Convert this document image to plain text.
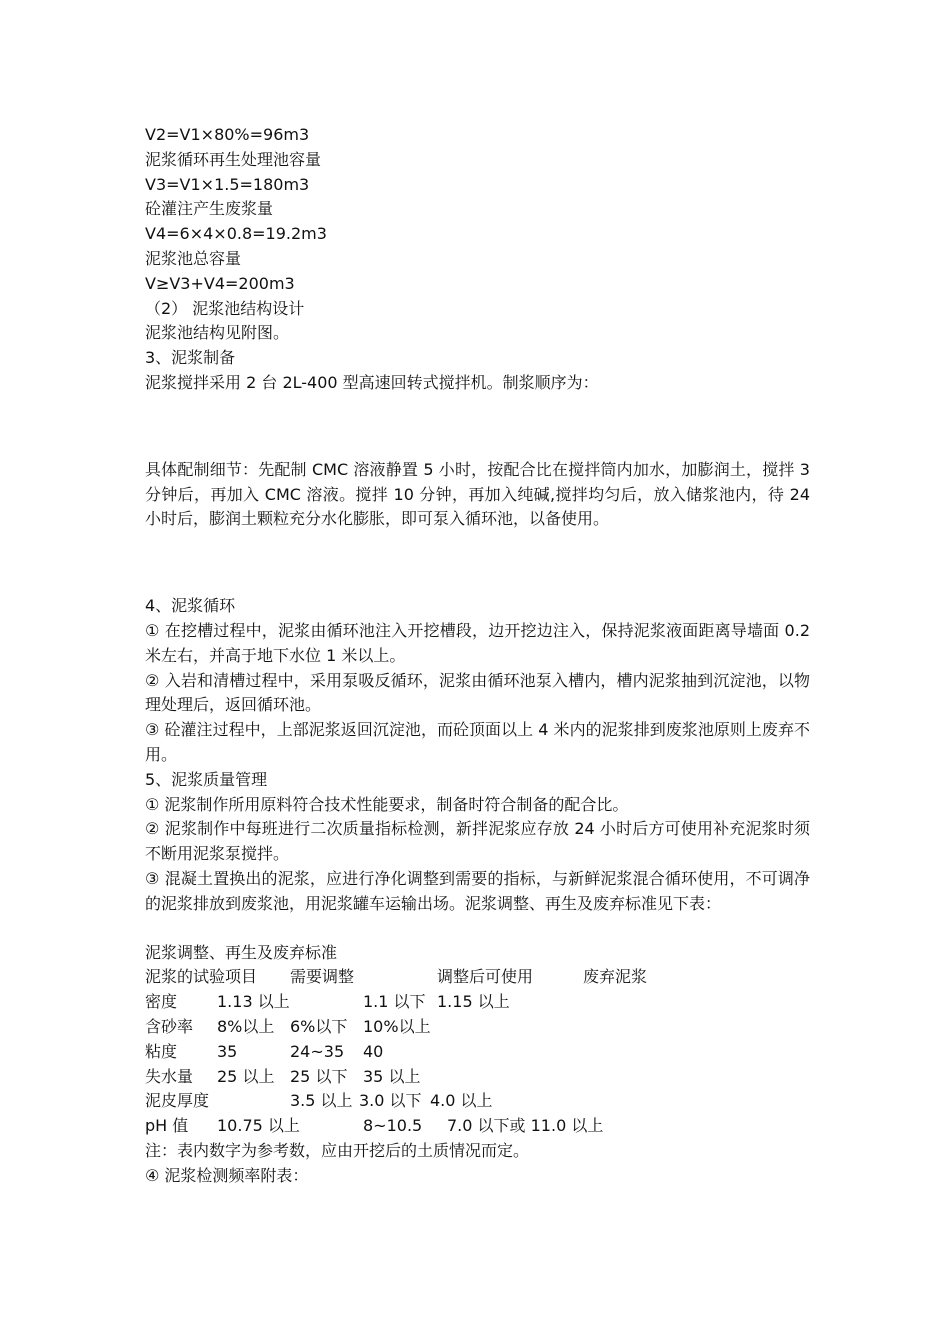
V2=V1×80%=96m3
泥浆循环再生处理池容量
V3=V1×1.5=180m3
砼灌注产生废浆量
V4=6×4×0.8=19.2m3
泥浆池总容量
V≥V3+V4=200m3
（2） 泥浆池结构设计
泥浆池结构见附图。
3、泥浆制备
泥浆搅拌采用 2 台 2L-400 型高速回转式搅拌机。制浆顺序为：
具体配制细节：先配制 CMC 溶液静置 5 小时，按配合比在搅拌筒内加水，加膨润土，搅拌 3 分钟后，再加入 CMC 溶液。搅拌 10 分钟，再加入纯碱,搅拌均匀后，放入储浆池内，待 24 小时后，膨润土颗粒充分水化膨胀，即可泵入循环池，以备使用。
4、泥浆循环
① 在挖槽过程中，泥浆由循环池注入开挖槽段，边开挖边注入，保持泥浆液面距离导墙面 0.2 米左右，并高于地下水位 1 米以上。
② 入岩和清槽过程中，采用泵吸反循环，泥浆由循环池泵入槽内，槽内泥浆抽到沉淀池，以物理处理后，返回循环池。
③ 砼灌注过程中，上部泥浆返回沉淀池，而砼顶面以上 4 米内的泥浆排到废浆池原则上废弃不用。
5、泥浆质量管理
① 泥浆制作所用原料符合技术性能要求，制备时符合制备的配合比。
② 泥浆制作中每班进行二次质量指标检测，新拌泥浆应存放 24 小时后方可使用补充泥浆时须不断用泥浆泵搅拌。
③ 混凝土置换出的泥浆，应进行净化调整到需要的指标，与新鲜泥浆混合循环使用，不可调净的泥浆排放到废浆池，用泥浆罐车运输出场。泥浆调整、再生及废弃标准见下表：
泥浆调整、再生及废弃标准
泥浆的试验项目 需要调整	调整后可使用	废弃泥浆
密度 1.13 以上	1.1 以下 1.15 以上
含砂率 8%以上 6%以下 10%以上
粘度 35	24~35 40
失水量 25 以上 25 以下 35 以上
泥皮厚度	3.5 以上 3.0 以下 4.0 以上
pH 值 10.75 以上	8~10.5 7.0 以下或 11.0 以上
注：表内数字为参考数，应由开挖后的土质情况而定。
④ 泥浆检测频率附表：
